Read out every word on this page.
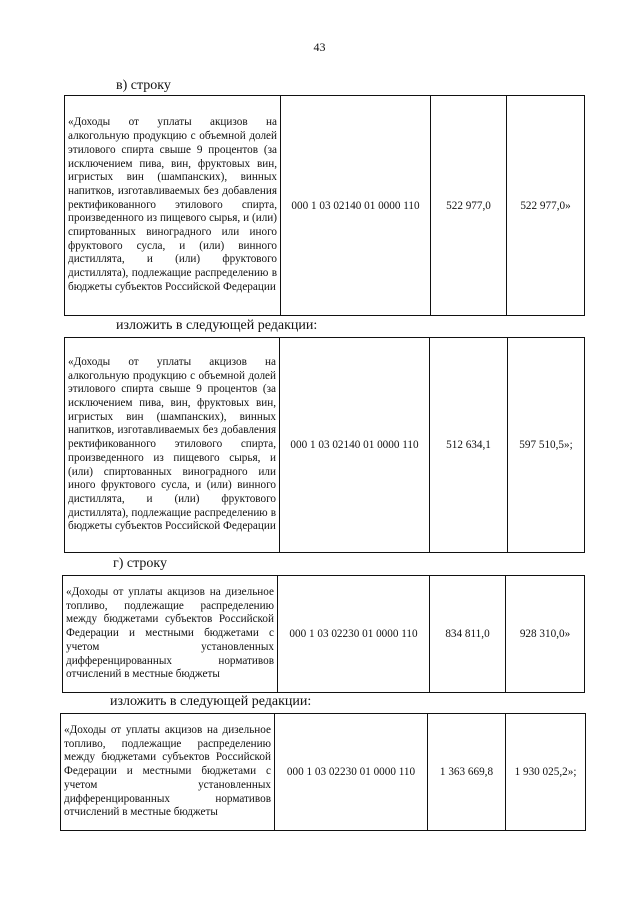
43
в) строку
«Доходы от уплаты акцизов на алкогольную продукцию с объемной долей этилового спирта свыше 9 процентов (за исключением пива, вин, фруктовых вин, игристых вин (шампанских), винных напитков, изготавливаемых без добавления ректификованного этилового спирта, произведенного из пищевого сырья, и (или) спиртованных виноградного или иного фруктового сусла, и (или) винного дистиллята, и (или) фруктового дистиллята), подлежащие распределению в бюджеты субъектов Российской Федерации	000 1 03 02140 01 0000 110	522 977,0	522 977,0»
изложить в следующей редакции:
«Доходы от уплаты акцизов на алкогольную продукцию с объемной долей этилового спирта свыше 9 процентов (за исключением пива, вин, фруктовых вин, игристых вин (шампанских), винных напитков, изготавливаемых без добавления ректификованного этилового спирта, произведенного из пищевого сырья, и (или) спиртованных виноградного или иного фруктового сусла, и (или) винного дистиллята, и (или) фруктового дистиллята), подлежащие распределению в бюджеты субъектов Российской Федерации	000 1 03 02140 01 0000 110	512 634,1	597 510,5»;
г) строку
«Доходы от уплаты акцизов на дизельное топливо, подлежащие распределению между бюджетами субъектов Российской Федерации и местными бюджетами с учетом установленных дифференцированных нормативов отчислений в местные бюджеты	000 1 03 02230 01 0000 110	834 811,0	928 310,0»
изложить в следующей редакции:
«Доходы от уплаты акцизов на дизельное топливо, подлежащие распределению между бюджетами субъектов Российской Федерации и местными бюджетами с учетом установленных дифференцированных нормативов отчислений в местные бюджеты	000 1 03 02230 01 0000 110	1 363 669,8	1 930 025,2»;
